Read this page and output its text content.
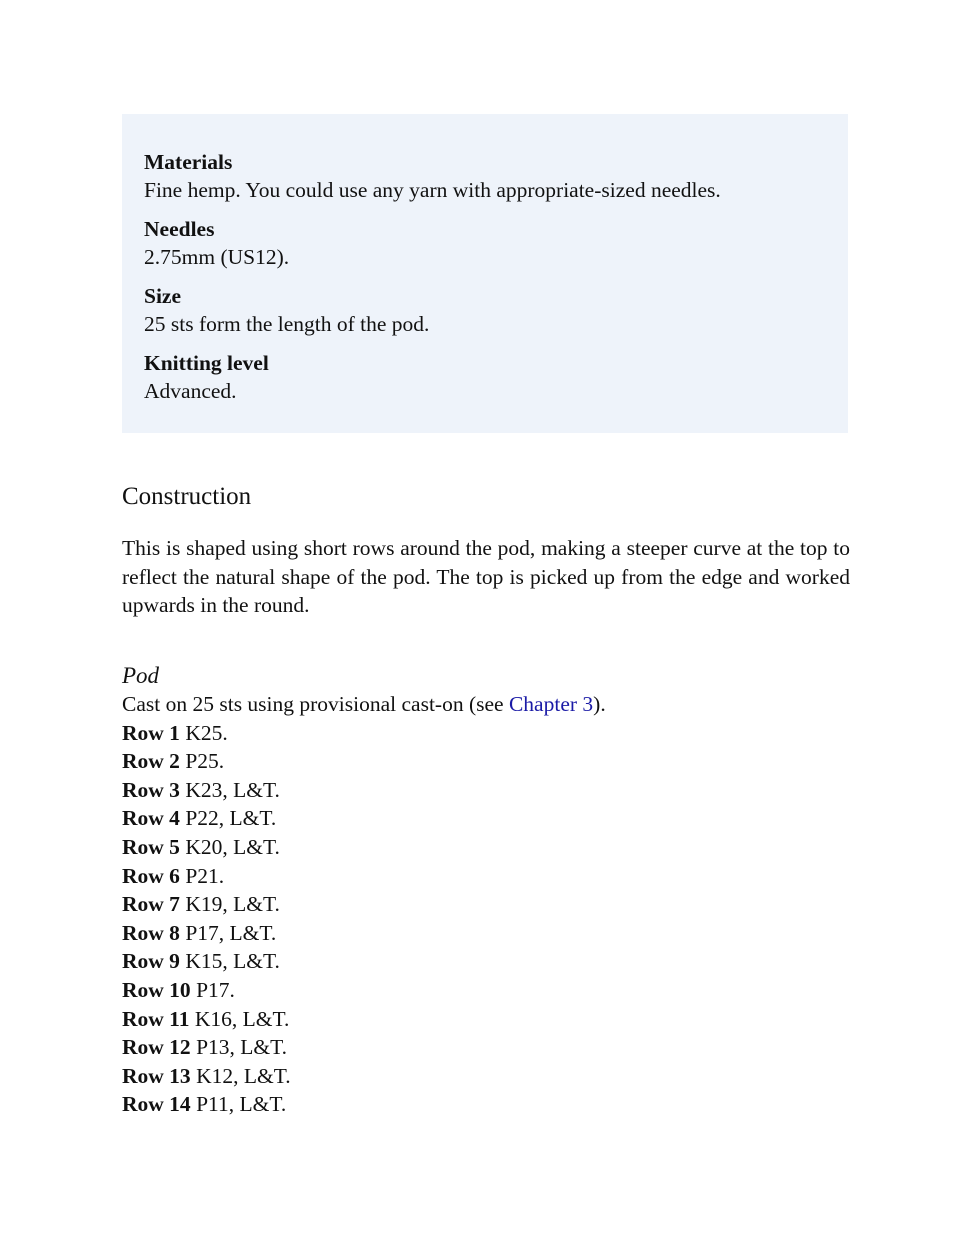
Materials
Fine hemp. You could use any yarn with appropriate-sized needles.
Needles
2.75mm (US12).
Size
25 sts form the length of the pod.
Knitting level
Advanced.
Construction

This is shaped using short rows around the pod, making a steeper curve at the top to reflect the natural shape of the pod. The top is picked up from the edge and worked upwards in the round.

Pod
Cast on 25 sts using provisional cast-on (see Chapter 3).
Row 1 K25.
Row 2 P25.
Row 3 K23, L&T.
Row 4 P22, L&T.
Row 5 K20, L&T.
Row 6 P21.
Row 7 K19, L&T.
Row 8 P17, L&T.
Row 9 K15, L&T.
Row 10 P17.
Row 11 K16, L&T.
Row 12 P13, L&T.
Row 13 K12, L&T.
Row 14 P11, L&T.
